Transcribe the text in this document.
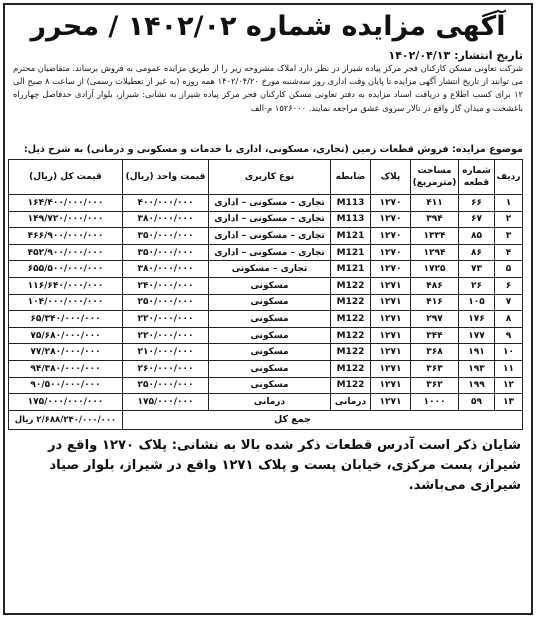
آگهی مزایده شماره ۱۴۰۲/۰۲ / محرر
تاریخ انتشار: ۱۴۰۲/۰۴/۱۳
شرکت تعاونی مسکن کارکنان فجر مرکز پیاده شیراز در نظر دارد املاک مشروحه زیر را از طریق مزایده عمومی به فروش برساند. متقاضیان محترم می توانند از تاریخ انتشار آگهی مزایده تا پایان وقت اداری روز سه‌شنبه مورخ ۱۴۰۲/۰۴/۲۰ همه روزه (به غیر از تعطیلات رسمی) از ساعت ۸ صبح الی ۱۲ برای کسب اطلاع و دریافت اسناد مزایده به دفتر تعاونی مسکن کارکنان فجر مرکز پیاده شیراز به نشانی: شیراز، بلوار آزادی حدفاصل چهارراه باغشخت و میدان گاز واقع در تالار سروی عشق مراجعه نمایند. ۱۵۲۶۰۰۰ م-الف
موضوع مزایده: فروش قطعات زمین (تجاری، مسکونی، اداری با خدمات و مسکونی و درمانی) به شرح ذیل:
ردیف	شماره قطعه	مساحت (مترمربع)	پلاک	ضابطه	نوع کاربری	قیمت واحد (ریال)	قیمت کل (ریال)
۱	۶۶	۴۱۱	۱۲۷۰	M113	تجاری – مسکونی – اداری	۴۰۰/۰۰۰/۰۰۰	۱۶۴/۴۰۰/۰۰۰/۰۰۰
۲	۶۷	۳۹۴	۱۲۷۰	M113	تجاری – مسکونی – اداری	۳۸۰/۰۰۰/۰۰۰	۱۴۹/۷۲۰/۰۰۰/۰۰۰
۳	۸۵	۱۳۳۴	۱۲۷۰	M121	تجاری – مسکونی – اداری	۳۵۰/۰۰۰/۰۰۰	۴۶۶/۹۰۰/۰۰۰/۰۰۰
۴	۸۶	۱۲۹۴	۱۲۷۰	M121	تجاری – مسکونی – اداری	۳۵۰/۰۰۰/۰۰۰	۴۵۲/۹۰۰/۰۰۰/۰۰۰
۵	۷۳	۱۷۲۵	۱۲۷۰	M121	تجاری – مسکونی	۳۸۰/۰۰۰/۰۰۰	۶۵۵/۵۰۰/۰۰۰/۰۰۰
۶	۲۶	۴۸۶	۱۲۷۱	M122	مسکونی	۲۴۰/۰۰۰/۰۰۰	۱۱۶/۶۴۰/۰۰۰/۰۰۰
۷	۱۰۵	۴۱۶	۱۲۷۱	M122	مسکونی	۲۵۰/۰۰۰/۰۰۰	۱۰۴/۰۰۰/۰۰۰/۰۰۰
۸	۱۷۶	۲۹۷	۱۲۷۱	M122	مسکونی	۲۲۰/۰۰۰/۰۰۰	۶۵/۳۴۰/۰۰۰/۰۰۰
۹	۱۷۷	۳۴۴	۱۲۷۱	M122	مسکونی	۲۲۰/۰۰۰/۰۰۰	۷۵/۶۸۰/۰۰۰/۰۰۰
۱۰	۱۹۱	۳۶۸	۱۲۷۱	M122	مسکونی	۲۱۰/۰۰۰/۰۰۰	۷۷/۲۸۰/۰۰۰/۰۰۰
۱۱	۱۹۳	۳۶۳	۱۲۷۱	M122	مسکونی	۲۶۰/۰۰۰/۰۰۰	۹۴/۳۸۰/۰۰۰/۰۰۰
۱۲	۱۹۹	۳۶۲	۱۲۷۱	M122	مسکونی	۲۵۰/۰۰۰/۰۰۰	۹۰/۵۰۰/۰۰۰/۰۰۰
۱۳	۵۹	۱۰۰۰	۱۲۷۱	درمانی	درمانی	۱۷۵/۰۰۰/۰۰۰	۱۷۵/۰۰۰/۰۰۰/۰۰۰
جمع کل							۲/۶۸۸/۲۴۰/۰۰۰/۰۰۰ ریال
شایان ذکر است آدرس قطعات ذکر شده بالا به نشانی: پلاک ۱۲۷۰ واقع در شیراز، پست مرکزی، خیابان پست و پلاک ۱۲۷۱ واقع در شیراز، بلوار صیاد شیرازی می‌باشد.
